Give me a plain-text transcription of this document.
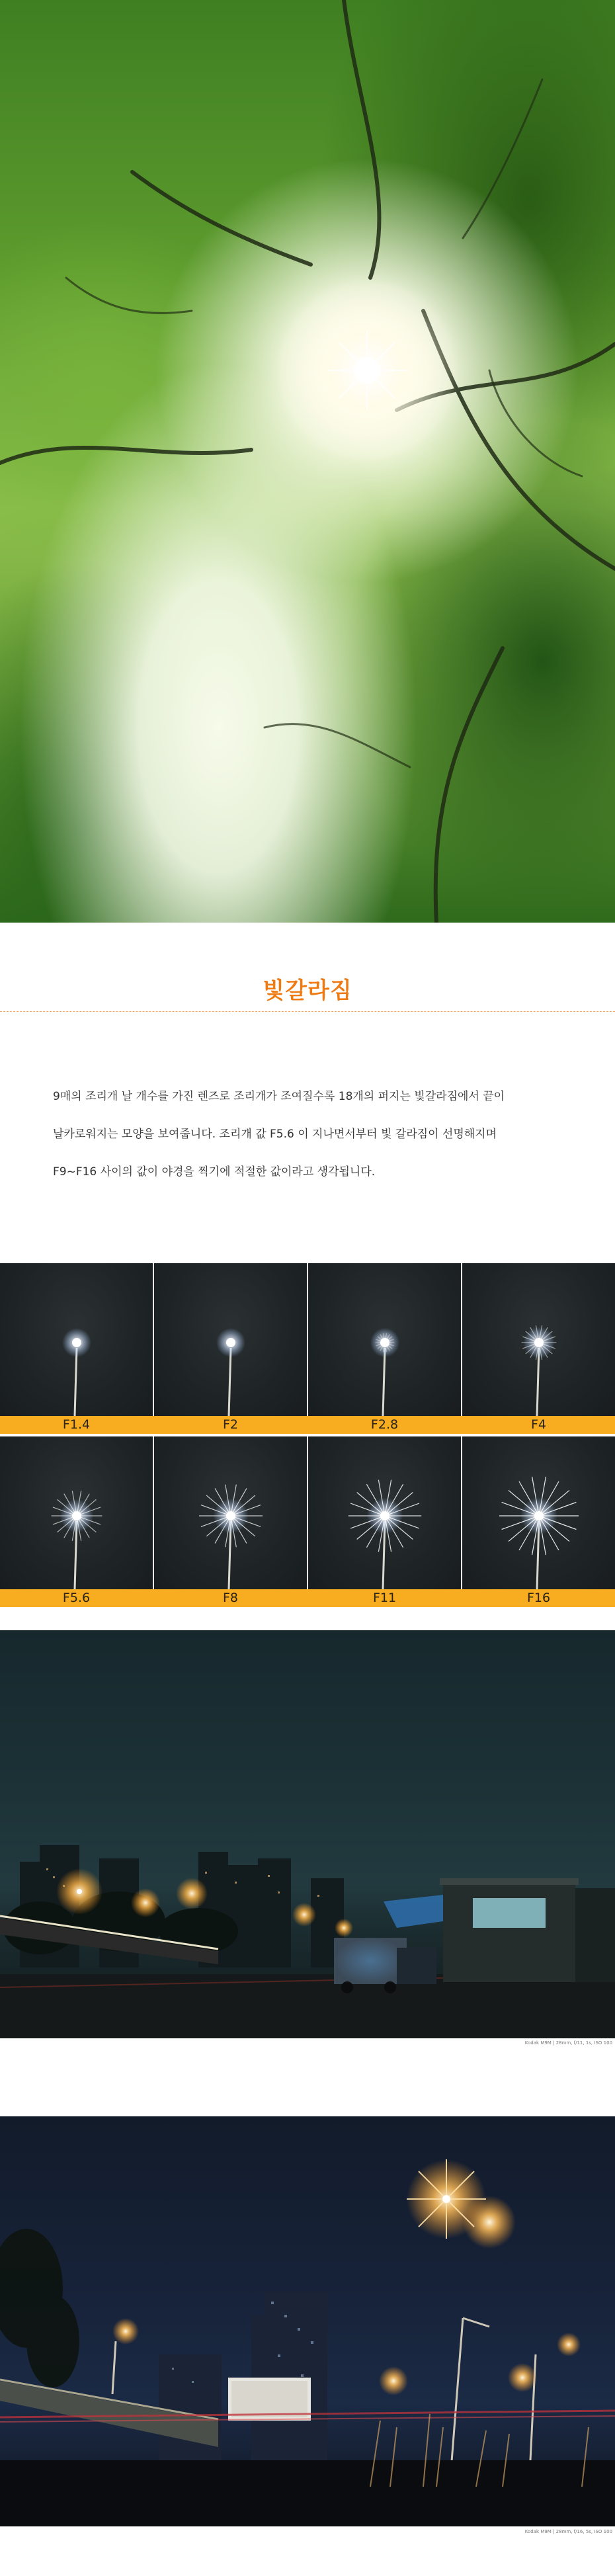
빛갈라짐

9매의 조리개 날 개수를 가진 렌즈로 조리개가 조여질수록 18개의 퍼지는 빛갈라짐에서 끝이

날카로워지는 모양을 보여줍니다. 조리개 값 F5.6 이 지나면서부터 빛 갈라짐이 선명해지며

F9~F16 사이의 값이 야경을 찍기에 적절한 값이라고 생각됩니다.

F1.4	F2	F2.8	F4
F5.6	F8	F11	F16
Kodak M9M | 28mm, f/11, 1s, ISO 100
Kodak M9M | 28mm, f/16, 5s, ISO 100
